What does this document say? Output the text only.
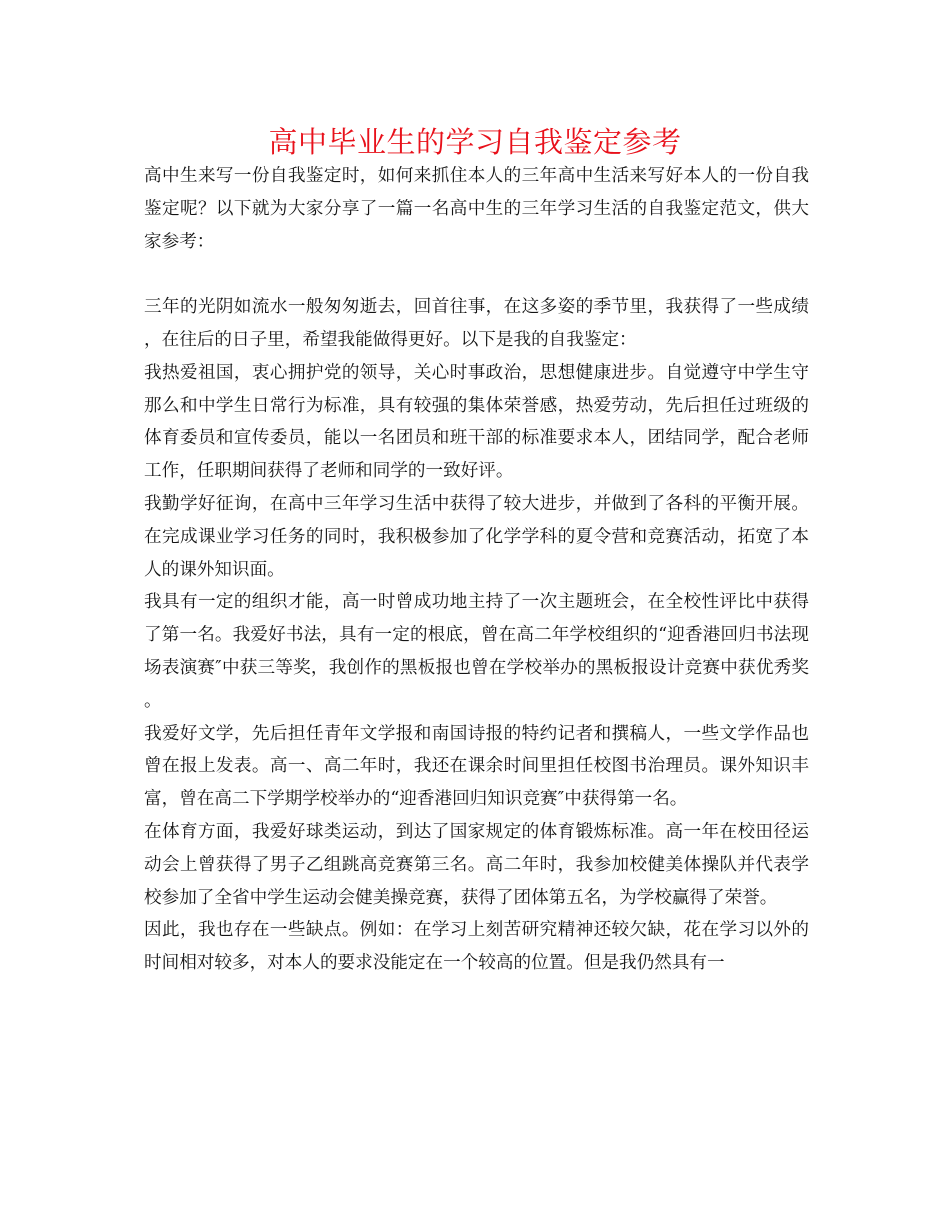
高中毕业生的学习自我鉴定参考

高中生来写一份自我鉴定时，如何来抓住本人的三年高中生活来写好本人的一份自我鉴定呢？以下就为大家分享了一篇一名高中生的三年学习生活的自我鉴定范文，供大家参考：

三年的光阴如流水一般匆匆逝去，回首往事，在这多姿的季节里，我获得了一些成绩，在往后的日子里，希望我能做得更好。以下是我的自我鉴定：

我热爱祖国，衷心拥护党的领导，关心时事政治，思想健康进步。自觉遵守中学生守那么和中学生日常行为标准，具有较强的集体荣誉感，热爱劳动，先后担任过班级的体育委员和宣传委员，能以一名团员和班干部的标准要求本人，团结同学，配合老师工作，任职期间获得了老师和同学的一致好评。

我勤学好征询，在高中三年学习生活中获得了较大进步，并做到了各科的平衡开展。在完成课业学习任务的同时，我积极参加了化学学科的夏令营和竞赛活动，拓宽了本人的课外知识面。

我具有一定的组织才能，高一时曾成功地主持了一次主题班会，在全校性评比中获得了第一名。我爱好书法，具有一定的根底，曾在高二年学校组织的“迎香港回归书法现场表演赛″中获三等奖，我创作的黑板报也曾在学校举办的黑板报设计竞赛中获优秀奖。

我爱好文学，先后担任青年文学报和南国诗报的特约记者和撰稿人，一些文学作品也曾在报上发表。高一、高二年时，我还在课余时间里担任校图书治理员。课外知识丰富，曾在高二下学期学校举办的“迎香港回归知识竞赛″中获得第一名。

在体育方面，我爱好球类运动，到达了国家规定的体育锻炼标准。高一年在校田径运动会上曾获得了男子乙组跳高竞赛第三名。高二年时，我参加校健美体操队并代表学校参加了全省中学生运动会健美操竞赛，获得了团体第五名，为学校赢得了荣誉。

因此，我也存在一些缺点。例如：在学习上刻苦研究精神还较欠缺，花在学习以外的时间相对较多，对本人的要求没能定在一个较高的位置。但是我仍然具有一
